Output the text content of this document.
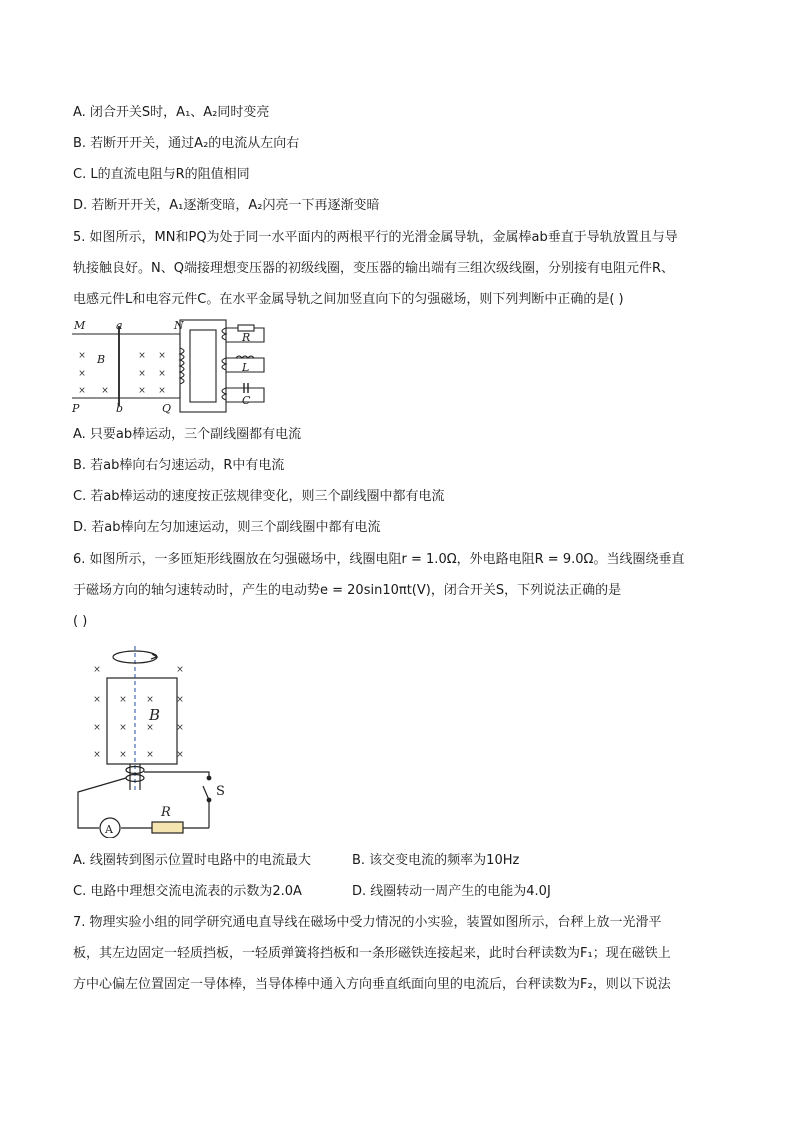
A. 闭合开关S时，A₁、A₂同时变亮
B. 若断开开关，通过A₂的电流从左向右
C. L的直流电阻与R的阻值相同
D. 若断开开关，A₁逐渐变暗，A₂闪亮一下再逐渐变暗
5. 如图所示，MN和PQ为处于同一水平面内的两根平行的光滑金属导轨，金属棒ab垂直于导轨放置且与导
轨接触良好。N、Q端接理想变压器的初级线圈，变压器的输出端有三组次级线圈，分别接有电阻元件R、
电感元件L和电容元件C。在水平金属导轨之间加竖直向下的匀强磁场，则下列判断中正确的是( )
×	× ×
×	× ×
× ×	× ×
M	a	N
B
P	b	Q
R
L
C
A. 只要ab棒运动，三个副线圈都有电流
B. 若ab棒向右匀速运动，R中有电流
C. 若ab棒运动的速度按正弦规律变化，则三个副线圈中都有电流
D. 若ab棒向左匀加速运动，则三个副线圈中都有电流
6. 如图所示，一多匝矩形线圈放在匀强磁场中，线圈电阻r = 1.0Ω，外电路电阻R = 9.0Ω。当线圈绕垂直
于磁场方向的轴匀速转动时，产生的电动势e = 20sin10πt(V)，闭合开关S，下列说法正确的是
( )
×	×
× × × ×
× × × ×
× × × ×
B
S
A
R
A. 线圈转到图示位置时电路中的电流最大	B. 该交变电流的频率为10Hz
C. 电路中理想交流电流表的示数为2.0A	D. 线圈转动一周产生的电能为4.0J
7. 物理实验小组的同学研究通电直导线在磁场中受力情况的小实验，装置如图所示，台秤上放一光滑平
板，其左边固定一轻质挡板，一轻质弹簧将挡板和一条形磁铁连接起来，此时台秤读数为F₁；现在磁铁上
方中心偏左位置固定一导体棒，当导体棒中通入方向垂直纸面向里的电流后，台秤读数为F₂，则以下说法
